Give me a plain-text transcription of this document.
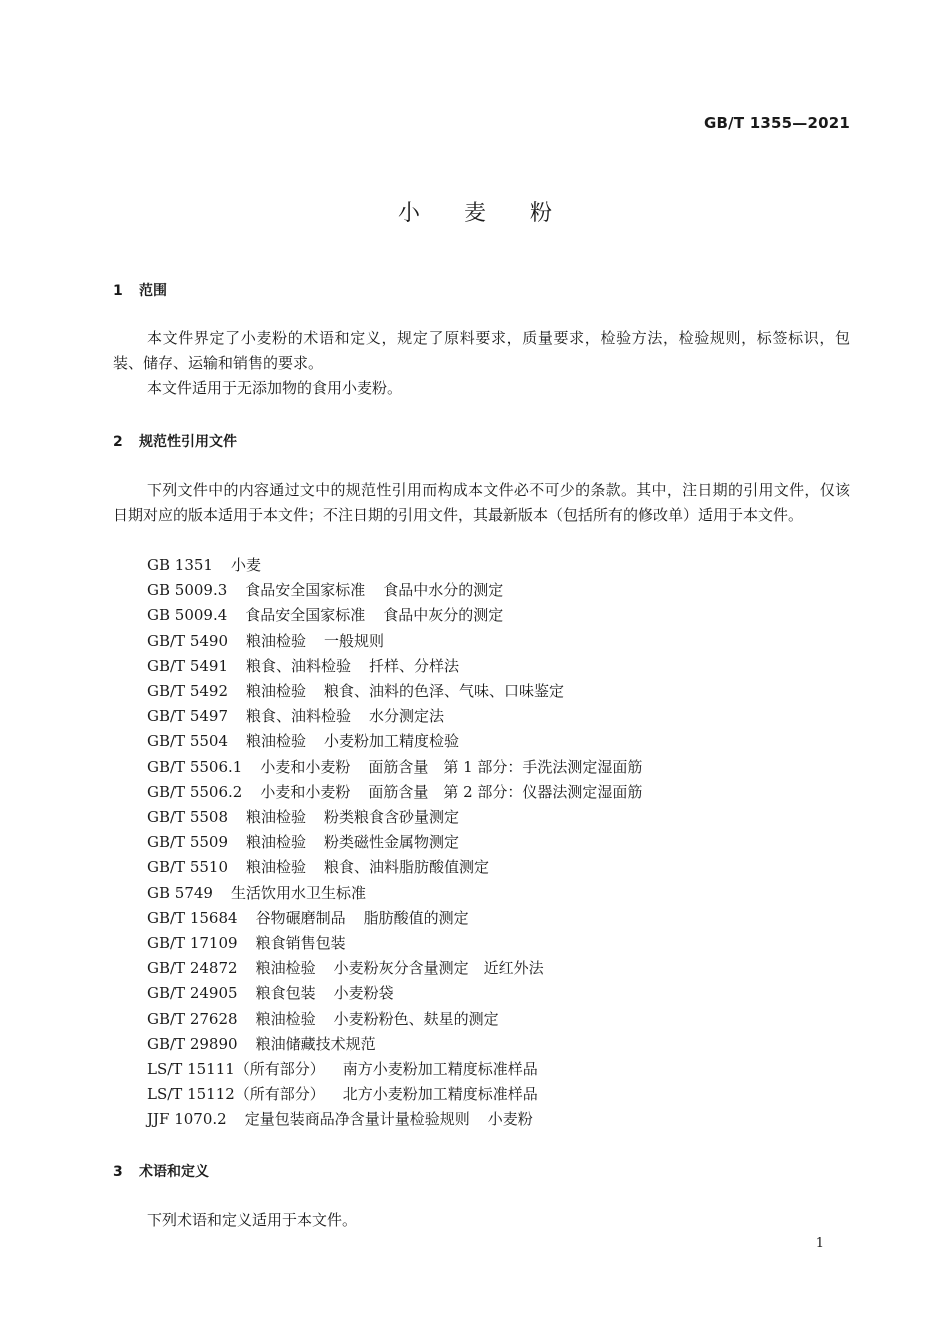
GB/T 1355—2021
小麦粉
1 范围
本文件界定了小麦粉的术语和定义，规定了原料要求，质量要求，检验方法，检验规则，标签标识，包装、储存、运输和销售的要求。
本文件适用于无添加物的食用小麦粉。
2 规范性引用文件
下列文件中的内容通过文中的规范性引用而构成本文件必不可少的条款。其中，注日期的引用文件，仅该日期对应的版本适用于本文件；不注日期的引用文件，其最新版本（包括所有的修改单）适用于本文件。
GB 1351 小麦
GB 5009.3 食品安全国家标准 食品中水分的测定
GB 5009.4 食品安全国家标准 食品中灰分的测定
GB/T 5490 粮油检验 一般规则
GB/T 5491 粮食、油料检验 扦样、分样法
GB/T 5492 粮油检验 粮食、油料的色泽、气味、口味鉴定
GB/T 5497 粮食、油料检验 水分测定法
GB/T 5504 粮油检验 小麦粉加工精度检验
GB/T 5506.1 小麦和小麦粉 面筋含量　第 1 部分：手洗法测定湿面筋
GB/T 5506.2 小麦和小麦粉 面筋含量　第 2 部分：仪器法测定湿面筋
GB/T 5508 粮油检验 粉类粮食含砂量测定
GB/T 5509 粮油检验 粉类磁性金属物测定
GB/T 5510 粮油检验 粮食、油料脂肪酸值测定
GB 5749 生活饮用水卫生标准
GB/T 15684 谷物碾磨制品 脂肪酸值的测定
GB/T 17109 粮食销售包装
GB/T 24872 粮油检验 小麦粉灰分含量测定　近红外法
GB/T 24905 粮食包装 小麦粉袋
GB/T 27628 粮油检验 小麦粉粉色、麸星的测定
GB/T 29890 粮油储藏技术规范
LS/T 15111（所有部分） 南方小麦粉加工精度标准样品
LS/T 15112（所有部分） 北方小麦粉加工精度标准样品
JJF 1070.2 定量包装商品净含量计量检验规则 小麦粉
3 术语和定义
下列术语和定义适用于本文件。
1
